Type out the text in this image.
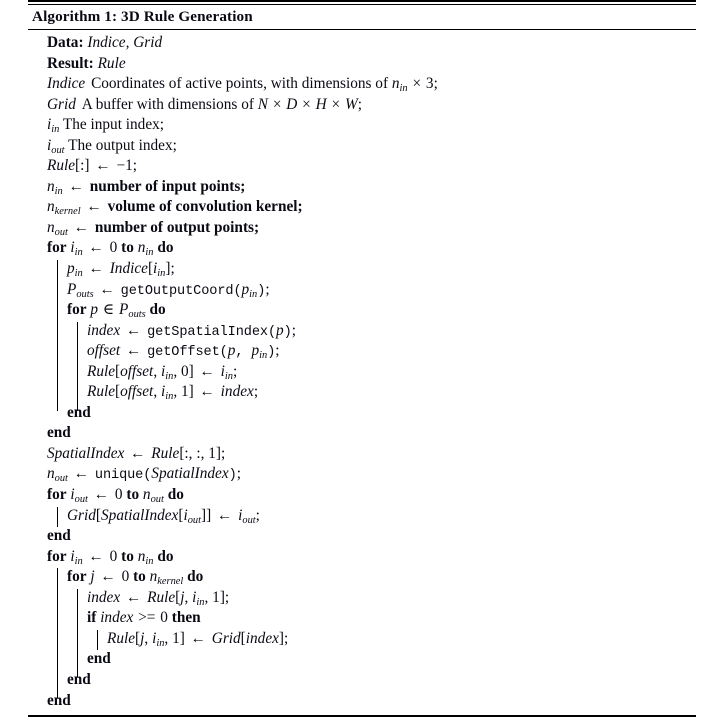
Algorithm 1: 3D Rule Generation
Data: Indice, Grid
Result: Rule
Indice Coordinates of active points, with dimensions of $n_{in} \times 3$;
Grid A buffer with dimensions of N × D × H × W;
$i_{in}$ The input index;
$i_{out}$ The output index;
Rule[:] ← −1;
$n_{in}$ ← number of input points;
$n_{kernel}$ ← volume of convolution kernel;
$n_{out}$ ← number of output points;
for $i_{in}$ ← 0 to $n_{in}$ do
$p_{in}$ ← $Indice[i_{in}]$;
$P_{outs}$ ← $getOutputCoord(p_{in})$;
for p ∈ $P_{outs}$ do
index ← getSpatialIndex(p);
offset ← getOffset(p, $p_{in}$);
Rule[offset, $i_{in}$, 0] ← $i_{in}$;
Rule[offset, $i_{in}$, 1] ← index;
end
end
SpatialIndex ← Rule[:, :, 1];
$n_{out}$ ← unique(SpatialIndex);
for $i_{out}$ ← 0 to $n_{out}$ do
$Grid[SpatialIndex[i_{out}]]$ ← $i_{out}$;
end
for $i_{in}$ ← 0 to $n_{in}$ do
for j ← 0 to $n_{kernel}$ do
index ← Rule[j, $i_{in}$, 1];
if index >= 0 then
Rule[j, $i_{in}$, 1] ← Grid[index];
end
end
end
